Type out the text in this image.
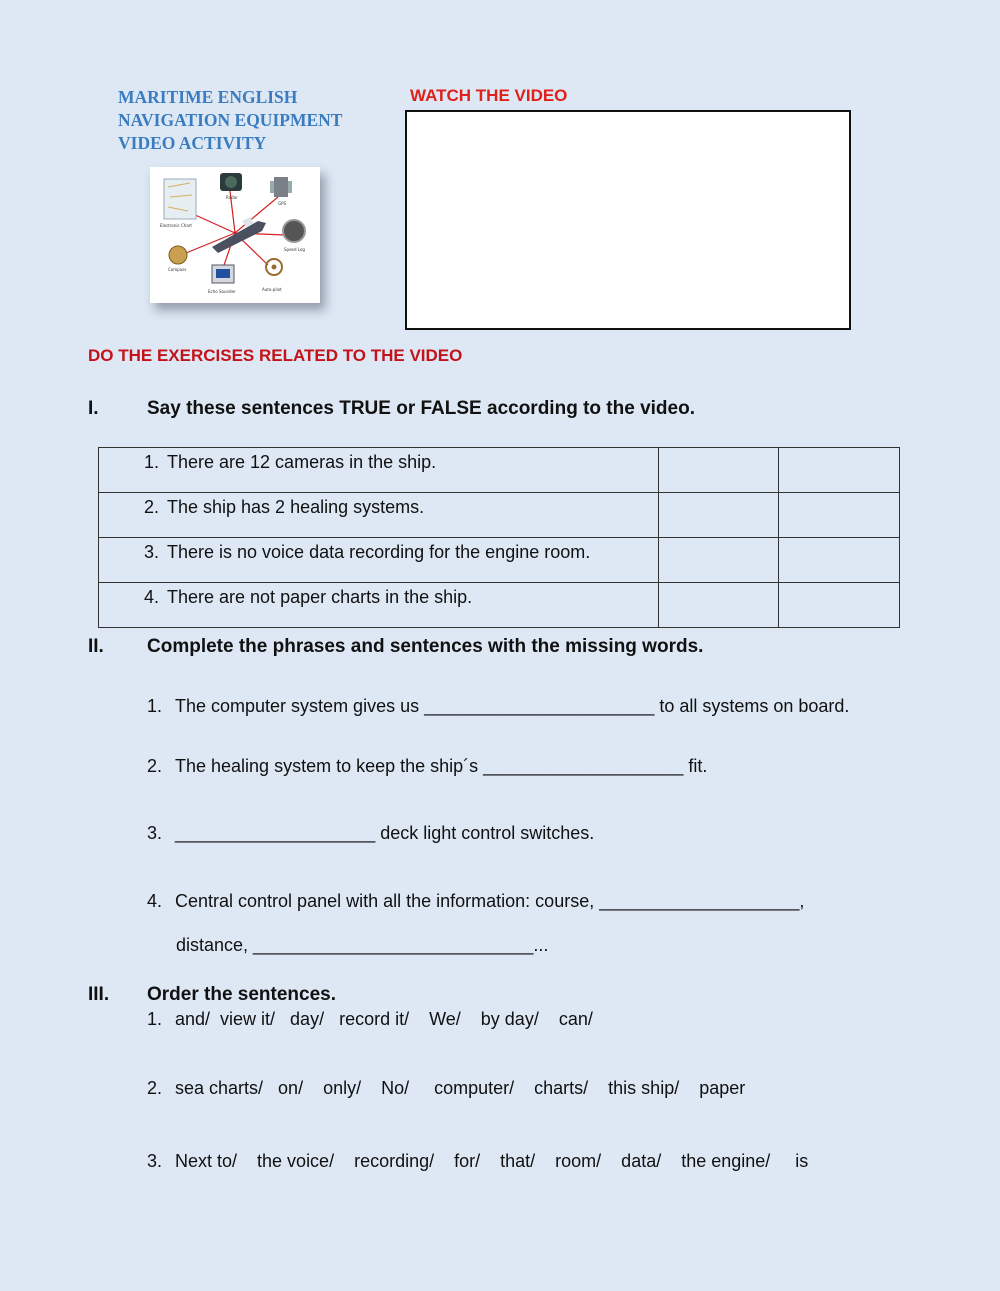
MARITIME ENGLISH
NAVIGATION EQUIPMENT
VIDEO ACTIVITY
Electronic Chart
Radar
GPS
Speed Log
Compass
Echo Sounder	Auto-pilot
WATCH THE VIDEO
DO THE EXERCISES RELATED TO THE VIDEO
I.	Say these sentences TRUE or FALSE according to the video.
1. There are 12 cameras in the ship.		

2. The ship has 2 healing systems.		

3. There is no voice data recording for the engine room.		

4. There are not paper charts in the ship.		

II. Complete the phrases and sentences with the missing words.
1. The computer system gives us _______________________ to all systems on board.
2. The healing system to keep the ship´s ____________________ fit.
3. ____________________ deck light control switches.
4. Central control panel with all the information: course, ____________________,
distance, ____________________________...
III. Order the sentences.
1. and/  view it/   day/   record it/    We/    by day/    can/
2. sea charts/   on/    only/    No/     computer/    charts/    this ship/    paper
3. Next to/    the voice/    recording/    for/    that/    room/    data/    the engine/     is
